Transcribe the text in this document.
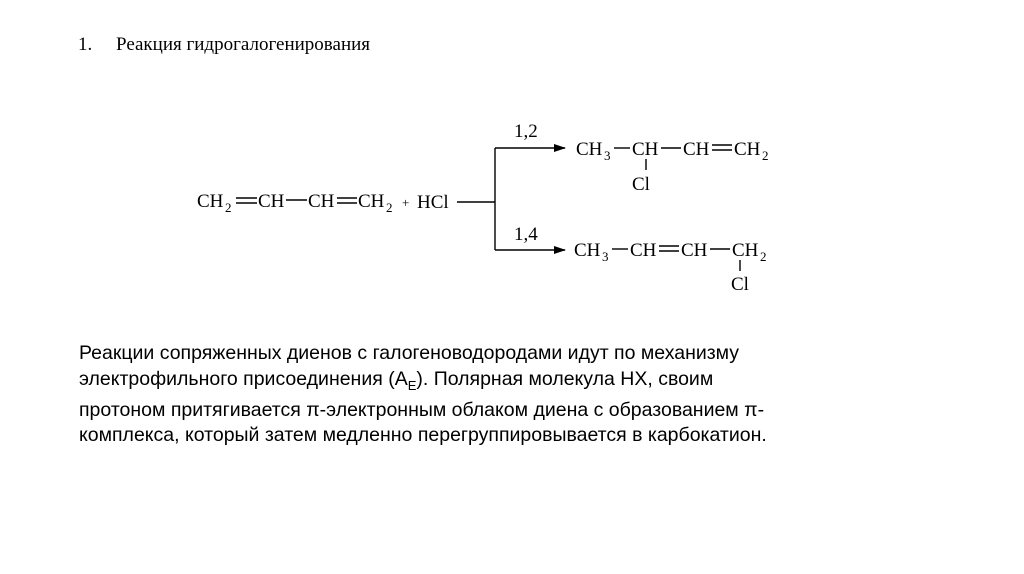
1. Реакция гидрогалогенирования
CH 2 CH CH CH 2 + HCl
1,2
1,4
CH 3 CH
Cl
CH CH 2
CH 3 CH CH CH 2
Cl
Реакции сопряженных диенов с галогеноводородами идут по механизму
электрофильного присоединения $(A_E)$. Полярная молекула HX, своим
протоном притягивается π-электронным облаком диена с образованием π-
комплекса, который затем медленно перегруппировывается в карбокатион.
